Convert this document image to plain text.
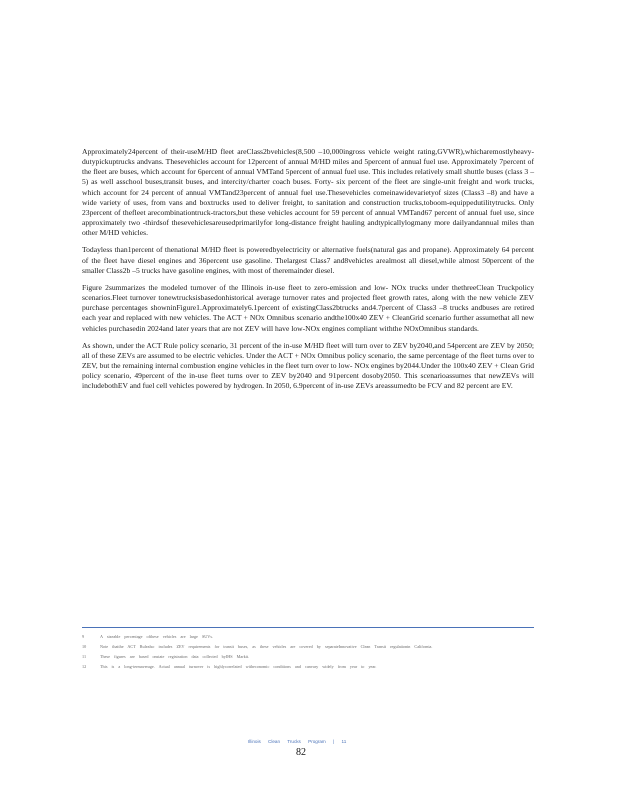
Approximately24percent of their-useM/HD fleet areClass2bvehicles(8,500 –10,000ingross vehicle weight rating,GVWR),whicharemostlyheavy-dutypickuptrucks andvans. Thesevehicles account for 12percent of annual M/HD miles and 5percent of annual fuel use. Approximately 7percent of the fleet are buses, which account for 6percent of annual VMTand 5percent of annual fuel use. This includes relatively small shuttle buses (class 3 –5) as well asschool buses,transit buses, and intercity/charter coach buses. Forty- six percent of the fleet are single-unit freight and work trucks, which account for 24 percent of annual VMTand23percent of annual fuel use.Thesevehicles comeinawidevarietyof sizes (Class3 –8) and have a wide variety of uses, from vans and boxtrucks used to deliver freight, to sanitation and construction trucks,toboom-equippedutilitytrucks. Only 23percent of thefleet arecombinationtruck-tractors,but these vehicles account for 59 percent of annual VMTand67 percent of annual fuel use, since approximately two -thirdsof thesevehiclesareusedprimarilyfor long-distance freight hauling andtypicallylogmany more dailyandannual miles than other M/HD vehicles.

Todayless than1percent of thenational M/HD fleet is poweredbyelectricity or alternative fuels(natural gas and propane). Approximately 64 percent of the fleet have diesel engines and 36percent use gasoline. Thelargest Class7 and8vehicles arealmost all diesel,while almost 50percent of the smaller Class2b –5 trucks have gasoline engines, with most of theremainder diesel.

Figure 2summarizes the modeled turnover of the Illinois in-use fleet to zero-emission and low- NOx trucks under thethreeClean Truckpolicy scenarios.Fleet turnover tonewtrucksisbasedonhistorical average turnover rates and projected fleet growth rates, along with the new vehicle ZEV purchase percentages showninFigure1.Approximately6.1percent of existingClass2btrucks and4.7percent of Class3 –8 trucks andbuses are retired each year and replaced with new vehicles. The ACT + NOx Omnibus scenario andthe100x40 ZEV + CleanGrid scenario further assumethat all new vehicles purchasedin 2024and later years that are not ZEV will have low-NOx engines compliant withthe NOxOmnibus standards.

As shown, under the ACT Rule policy scenario, 31 percent of the in-use M/HD fleet will turn over to ZEV by2040,and 54percent are ZEV by 2050; all of these ZEVs are assumed to be electric vehicles. Under the ACT + NOx Omnibus policy scenario, the same percentage of the fleet turns over to ZEV, but the remaining internal combustion engine vehicles in the fleet turn over to low- NOx engines by2044.Under the 100x40 ZEV + Clean Grid policy scenario, 49percent of the in-use fleet turns over to ZEV by2040 and 91percent dosoby2050. This scenarioassumes that newZEVs will includebothEV and fuel cell vehicles powered by hydrogen. In 2050, 6.9percent of in-use ZEVs areassumedto be FCV and 82 percent are EV.

9	A sizeable percentage ofthese vehicles are large SUVs.
10	Note thatthe ACT Rulealso includes ZEV requirements for transit buses, as these vehicles are covered by separateInnovative Clean Transit regulationin California.
11	These figures are based onstate registration data collected byIHS Markit.
12	This is a long-termaverage. Actual annual turnover is highlycorrelated witheconomic conditions and canvary widely from year to year.
Illinois Clean Trucks Program | 11
82
